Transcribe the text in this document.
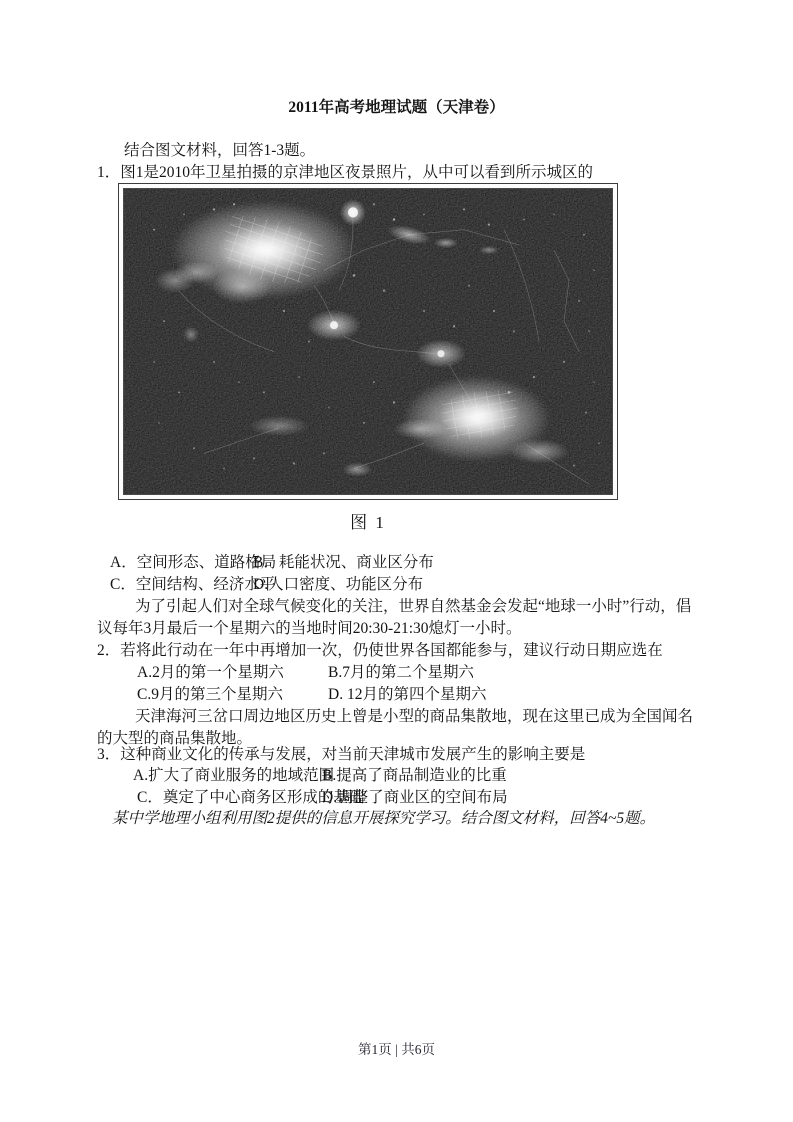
2011年高考地理试题（天津卷）
结合图文材料，回答1-3题。
1．图1是2010年卫星拍摄的京津地区夜景照片，从中可以看到所示城区的
图 1
A．空间形态、道路格局
B．耗能状况、商业区分布
C．空间结构、经济水平
D.人口密度、功能区分布
为了引起人们对全球气候变化的关注，世界自然基金会发起“地球一小时”行动，倡
议每年3月最后一个星期六的当地时间20:30-21:30熄灯一小时。
2．若将此行动在一年中再增加一次，仍使世界各国都能参与，建议行动日期应选在
A.2月的第一个星期六	B.7月的第二个星期六
C.9月的第三个星期六	D. 12月的第四个星期六
天津海河三岔口周边地区历史上曾是小型的商品集散地，现在这里已成为全国闻名
的大型的商品集散地。
3．这种商业文化的传承与发展，对当前天津城市发展产生的影响主要是
A.扩大了商业服务的地域范围
B.提高了商品制造业的比重
C．奠定了中心商务区形成的基础
D.调整了商业区的空间布局
某中学地理小组利用图2提供的信息开展探究学习。结合图文材料，回答4~5题。
第1页 | 共6页
